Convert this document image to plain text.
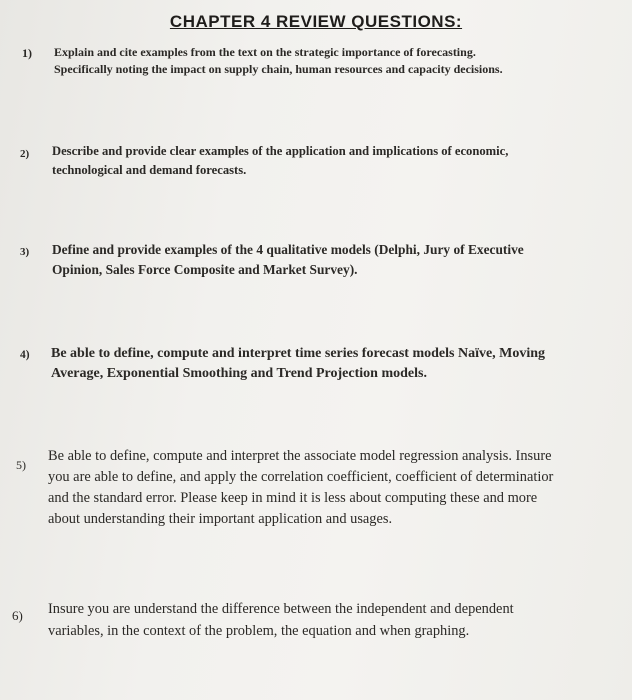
CHAPTER 4 REVIEW QUESTIONS:
1) Explain and cite examples from the text on the strategic importance of forecasting.
Specifically noting the impact on supply chain, human resources and capacity decisions.
2) Describe and provide clear examples of the application and implications of economic,
technological and demand forecasts.
3) Define and provide examples of the 4 qualitative models (Delphi, Jury of Executive
Opinion, Sales Force Composite and Market Survey).
4) Be able to define, compute and interpret time series forecast models Naïve, Moving
Average, Exponential Smoothing and Trend Projection models.
5)
Be able to define, compute and interpret the associate model regression analysis. Insure
you are able to define, and apply the correlation coefficient, coefficient of determinatior
and the standard error. Please keep in mind it is less about computing these and more
about understanding their important application and usages.
6) Insure you are understand the difference between the independent and dependent
variables, in the context of the problem, the equation and when graphing.
